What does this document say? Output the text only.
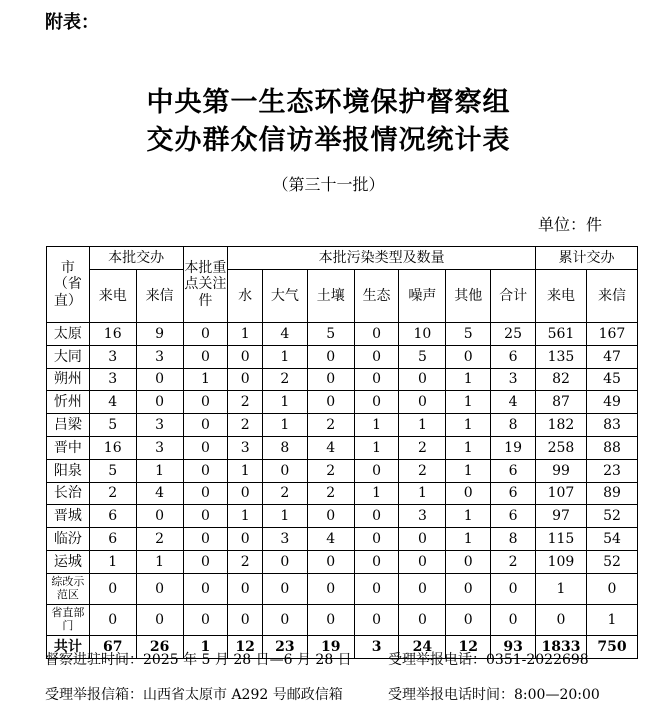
附表：
中央第一生态环境保护督察组
交办群众信访举报情况统计表
（第三十一批）
单位：件
市（省直）	本批交办		本批重点关注件	本批污染类型及数量							累计交办	
	来电	来信		水	大气	土壤	生态	噪声	其他	合计	来电	来信
太原	16	9	0	1	4	5	0	10	5	25	561	167
大同	3	3	0	0	1	0	0	5	0	6	135	47
朔州	3	0	1	0	2	0	0	0	1	3	82	45
忻州	4	0	0	2	1	0	0	0	1	4	87	49
吕梁	5	3	0	2	1	2	1	1	1	8	182	83
晋中	16	3	0	3	8	4	1	2	1	19	258	88
阳泉	5	1	0	1	0	2	0	2	1	6	99	23
长治	2	4	0	0	2	2	1	1	0	6	107	89
晋城	6	0	0	1	1	0	0	3	1	6	97	52
临汾	6	2	0	0	3	4	0	0	1	8	115	54
运城	1	1	0	2	0	0	0	0	0	2	109	52
综改示范区	0	0	0	0	0	0	0	0	0	0	1	0
省直部门	0	0	0	0	0	0	0	0	0	0	0	1
共计	67	26	1	12	23	19	3	24	12	93	1833	750
督察进驻时间：2025 年 5 月 28 日—6 月 28 日	受理举报电话：0351-2022698
受理举报信箱：山西省太原市 A292 号邮政信箱	受理举报电话时间：8:00—20:00
